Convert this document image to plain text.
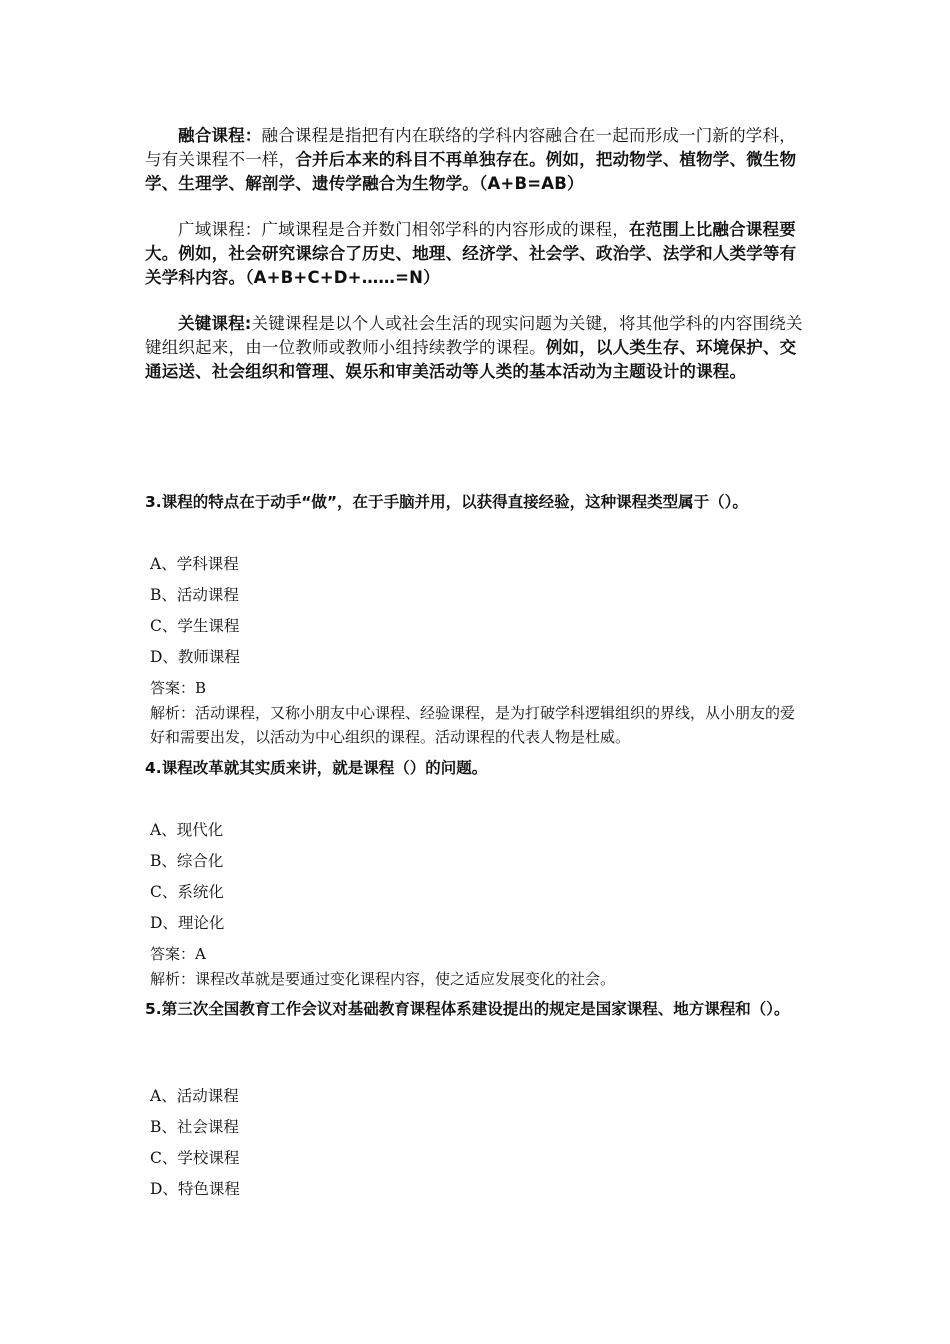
融合课程：融合课程是指把有内在联络的学科内容融合在一起而形成一门新的学科，与有关课程不一样，合并后本来的科目不再单独存在。例如，把动物学、植物学、微生物学、生理学、解剖学、遗传学融合为生物学。（A+B=AB）
广域课程：广域课程是合并数门相邻学科的内容形成的课程，在范围上比融合课程要大。例如，社会研究课综合了历史、地理、经济学、社会学、政治学、法学和人类学等有关学科内容。（A+B+C+D+……=N）
关键课程:关键课程是以个人或社会生活的现实问题为关键，将其他学科的内容围绕关键组织起来，由一位教师或教师小组持续教学的课程。例如，以人类生存、环境保护、交通运送、社会组织和管理、娱乐和审美活动等人类的基本活动为主题设计的课程。
3.课程的特点在于动手“做”，在于手脑并用，以获得直接经验，这种课程类型属于（）。
A、学科课程
B、活动课程
C、学生课程
D、教师课程
答案：B
解析：活动课程，又称小朋友中心课程、经验课程，是为打破学科逻辑组织的界线，从小朋友的爱好和需要出发，以活动为中心组织的课程。活动课程的代表人物是杜威。
4.课程改革就其实质来讲，就是课程（）的问题。
A、现代化
B、综合化
C、系统化
D、理论化
答案：A
解析：课程改革就是要通过变化课程内容，使之适应发展变化的社会。
5.第三次全国教育工作会议对基础教育课程体系建设提出的规定是国家课程、地方课程和（）。
A、活动课程
B、社会课程
C、学校课程
D、特色课程
